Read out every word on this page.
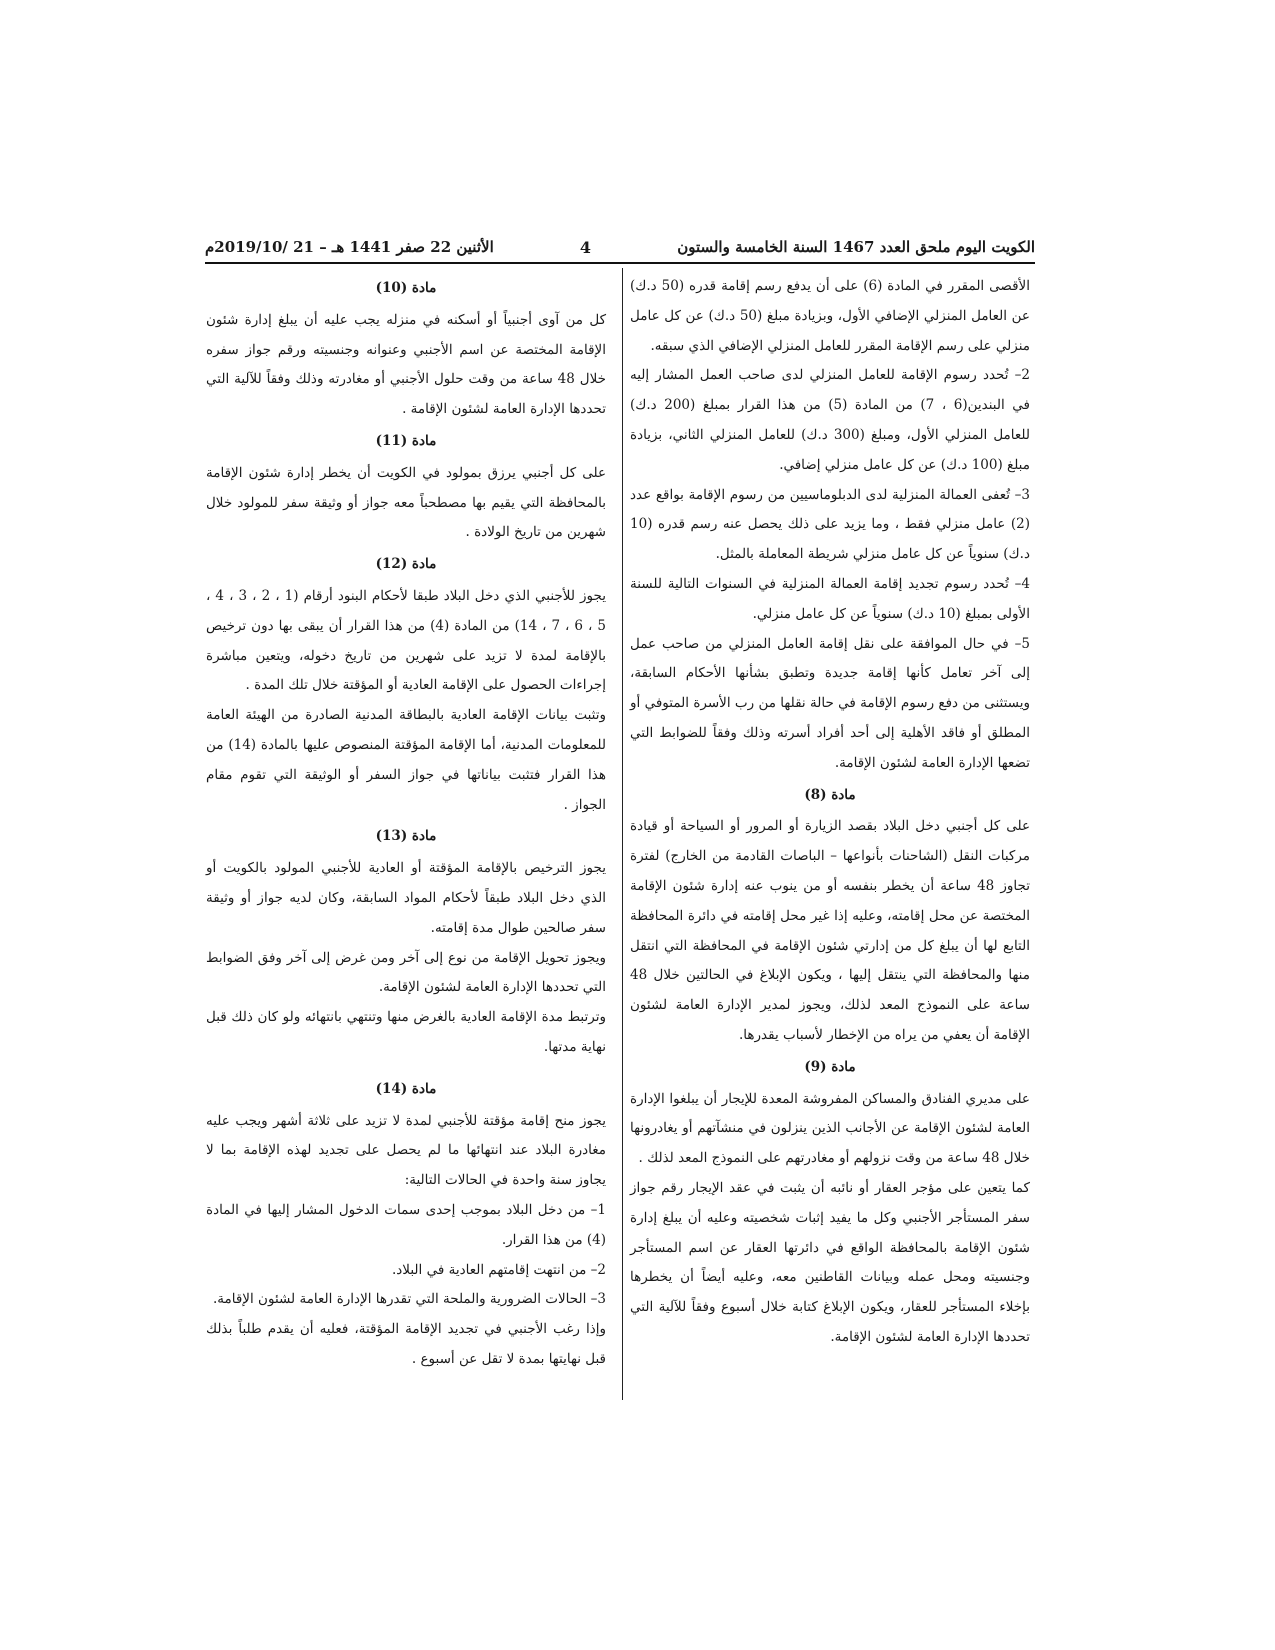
الكويت اليوم ملحق العدد 1467 السنة الخامسة والستون
4
الأثنين 22 صفر 1441 هـ – 21 /2019/10م

الأقصى المقرر في المادة (6) على أن يدفع رسم إقامة قدره (50 د.ك) عن العامل المنزلي الإضافي الأول، وبزيادة مبلغ (50 د.ك) عن كل عامل منزلي على رسم الإقامة المقرر للعامل المنزلي الإضافي الذي سبقه.

2– تُحدد رسوم الإقامة للعامل المنزلي لدى صاحب العمل المشار إليه في البندين(6 ، 7) من المادة (5) من هذا القرار بمبلغ (200 د.ك) للعامل المنزلي الأول، ومبلغ (300 د.ك) للعامل المنزلي الثاني، بزيادة مبلغ (100 د.ك) عن كل عامل منزلي إضافي.

3– تُعفى العمالة المنزلية لدى الدبلوماسيين من رسوم الإقامة بواقع عدد (2) عامل منزلي فقط ، وما يزيد على ذلك يحصل عنه رسم قدره (10 د.ك) سنوياً عن كل عامل منزلي شريطة المعاملة بالمثل.

4– تُحدد رسوم تجديد إقامة العمالة المنزلية في السنوات التالية للسنة الأولى بمبلغ (10 د.ك) سنوياً عن كل عامل منزلي.

5– في حال الموافقة على نقل إقامة العامل المنزلي من صاحب عمل إلى آخر تعامل كأنها إقامة جديدة وتطبق بشأنها الأحكام السابقة، ويستثنى من دفع رسوم الإقامة في حالة نقلها من رب الأسرة المتوفي أو المطلق أو فاقد الأهلية إلى أحد أفراد أسرته وذلك وفقاً للضوابط التي تضعها الإدارة العامة لشئون الإقامة.

مادة (8)

على كل أجنبي دخل البلاد بقصد الزيارة أو المرور أو السياحة أو قيادة مركبات النقل (الشاحنات بأنواعها – الباصات القادمة من الخارج) لفترة تجاوز 48 ساعة أن يخطر بنفسه أو من ينوب عنه إدارة شئون الإقامة المختصة عن محل إقامته، وعليه إذا غير محل إقامته في دائرة المحافظة التابع لها أن يبلغ كل من إدارتي شئون الإقامة في المحافظة التي انتقل منها والمحافظة التي ينتقل إليها ، ويكون الإبلاغ في الحالتين خلال 48 ساعة على النموذج المعد لذلك، ويجوز لمدير الإدارة العامة لشئون الإقامة أن يعفي من يراه من الإخطار لأسباب يقدرها.

مادة (9)

على مديري الفنادق والمساكن المفروشة المعدة للإيجار أن يبلغوا الإدارة العامة لشئون الإقامة عن الأجانب الذين ينزلون في منشآتهم أو يغادرونها خلال 48 ساعة من وقت نزولهم أو مغادرتهم على النموذج المعد لذلك .

كما يتعين على مؤجر العقار أو نائبه أن يثبت في عقد الإيجار رقم جواز سفر المستأجر الأجنبي وكل ما يفيد إثبات شخصيته وعليه أن يبلغ إدارة شئون الإقامة بالمحافظة الواقع في دائرتها العقار عن اسم المستأجر وجنسيته ومحل عمله وبيانات القاطنين معه، وعليه أيضاً أن يخطرها بإخلاء المستأجر للعقار، ويكون الإبلاغ كتابة خلال أسبوع وفقاً للآلية التي تحددها الإدارة العامة لشئون الإقامة.

مادة (10)

كل من آوى أجنبياً أو أسكنه في منزله يجب عليه أن يبلغ إدارة شئون الإقامة المختصة عن اسم الأجنبي وعنوانه وجنسيته ورقم جواز سفره خلال 48 ساعة من وقت حلول الأجنبي أو مغادرته وذلك وفقاً للآلية التي تحددها الإدارة العامة لشئون الإقامة .

مادة (11)

على كل أجنبي يرزق بمولود في الكويت أن يخطر إدارة شئون الإقامة بالمحافظة التي يقيم بها مصطحباً معه جواز أو وثيقة سفر للمولود خلال شهرين من تاريخ الولادة .

مادة (12)

يجوز للأجنبي الذي دخل البلاد طبقا لأحكام البنود أرقام (1 ، 2 ، 3 ، 4 ، 5 ، 6 ، 7 ، 14) من المادة (4) من هذا القرار أن يبقى بها دون ترخيص بالإقامة لمدة لا تزيد على شهرين من تاريخ دخوله، ويتعين مباشرة إجراءات الحصول على الإقامة العادية أو المؤقتة خلال تلك المدة .

وتثبت بيانات الإقامة العادية بالبطاقة المدنية الصادرة من الهيئة العامة للمعلومات المدنية، أما الإقامة المؤقتة المنصوص عليها بالمادة (14) من هذا القرار فتثبت بياناتها في جواز السفر أو الوثيقة التي تقوم مقام الجواز .

مادة (13)

يجوز الترخيص بالإقامة المؤقتة أو العادية للأجنبي المولود بالكويت أو الذي دخل البلاد طبقاً لأحكام المواد السابقة، وكان لديه جواز أو وثيقة سفر صالحين طوال مدة إقامته.

ويجوز تحويل الإقامة من نوع إلى آخر ومن غرض إلى آخر وفق الضوابط التي تحددها الإدارة العامة لشئون الإقامة.

وترتبط مدة الإقامة العادية بالغرض منها وتنتهي بانتهائه ولو كان ذلك قبل نهاية مدتها.

مادة (14)

يجوز منح إقامة مؤقتة للأجنبي لمدة لا تزيد على ثلاثة أشهر ويجب عليه مغادرة البلاد عند انتهائها ما لم يحصل على تجديد لهذه الإقامة بما لا يجاوز سنة واحدة في الحالات التالية:

1– من دخل البلاد بموجب إحدى سمات الدخول المشار إليها في المادة (4) من هذا القرار.

2– من انتهت إقامتهم العادية في البلاد.

3– الحالات الضرورية والملحة التي تقدرها الإدارة العامة لشئون الإقامة.

وإذا رغب الأجنبي في تجديد الإقامة المؤقتة، فعليه أن يقدم طلباً بذلك قبل نهايتها بمدة لا تقل عن أسبوع .
